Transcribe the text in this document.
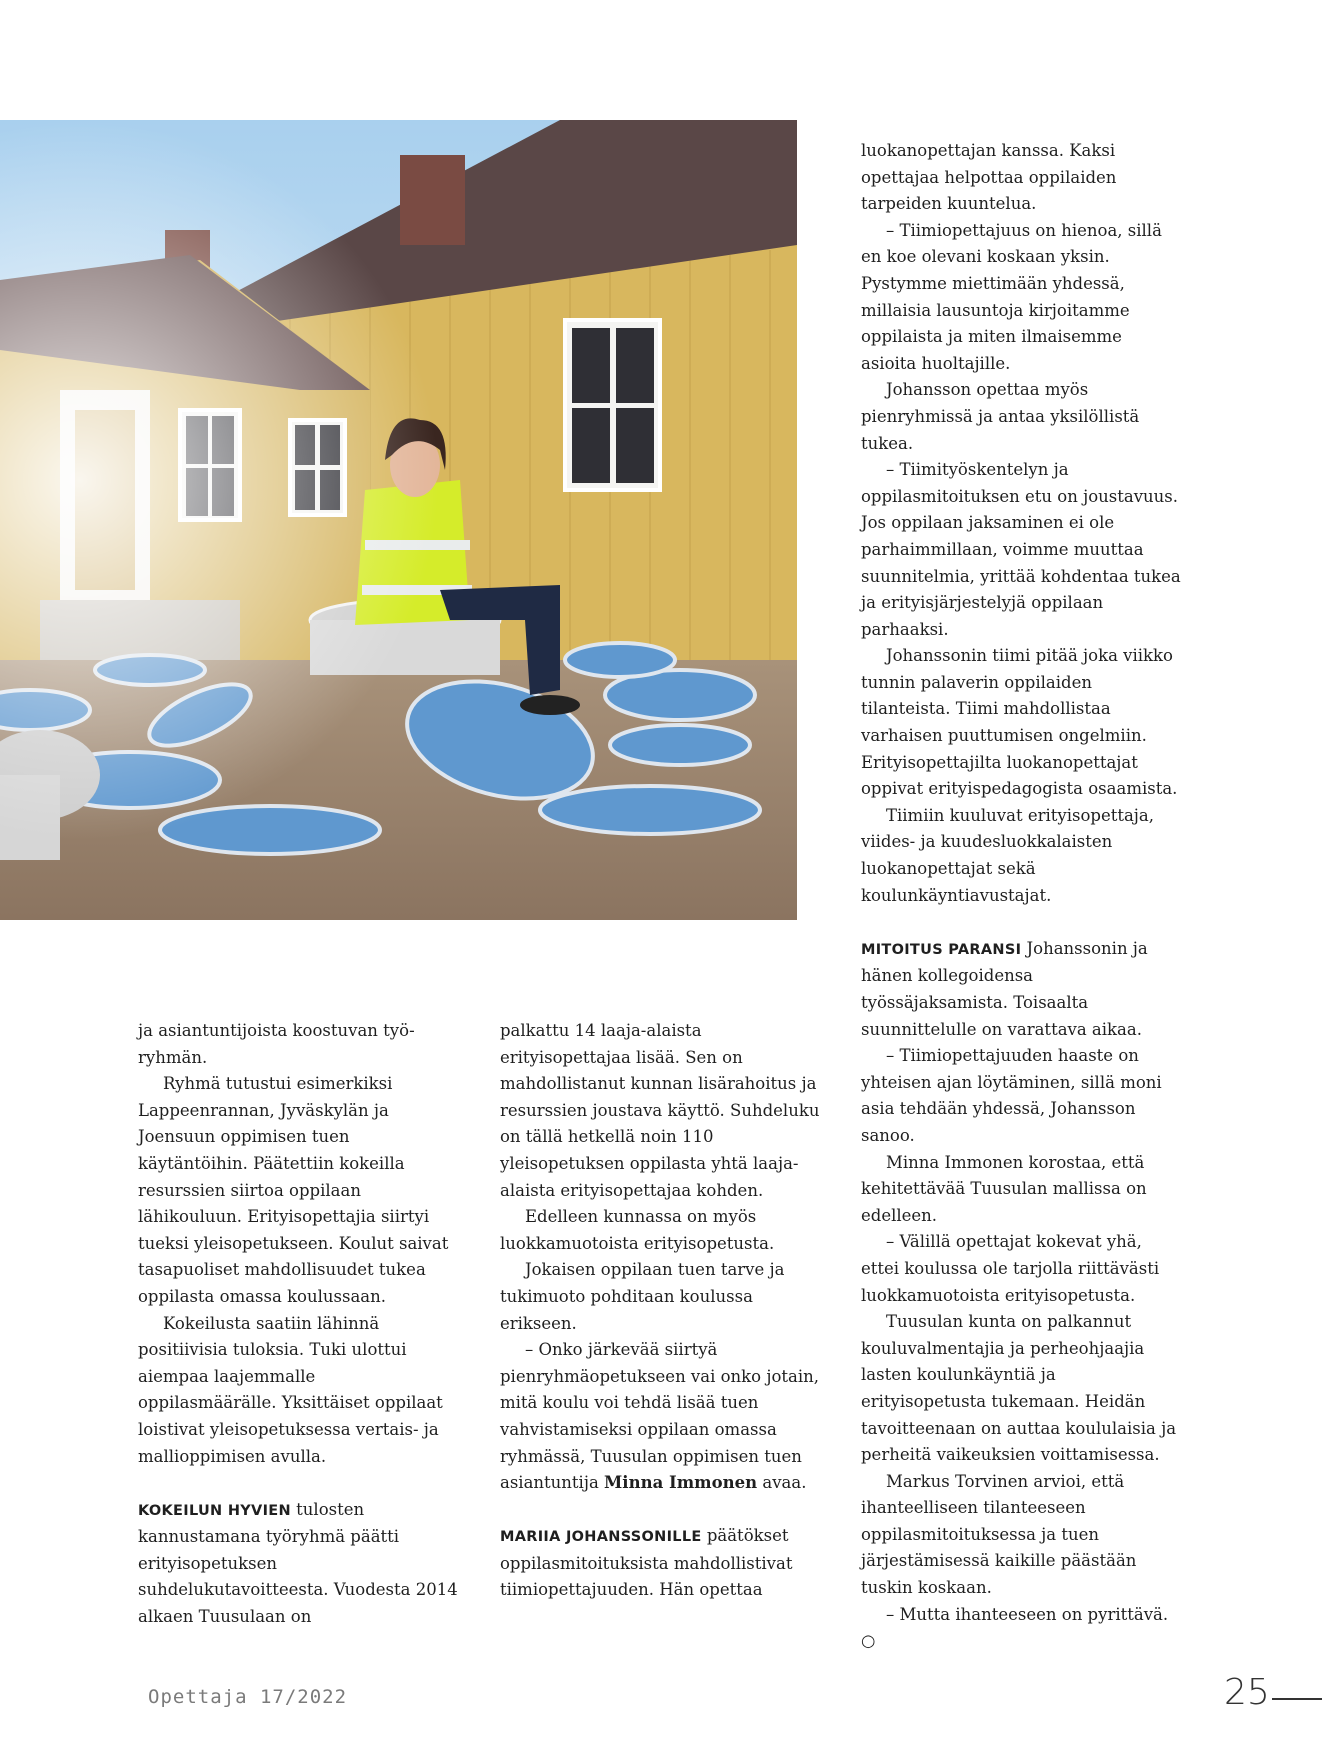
ja asiantuntijoista koostuvan työryhmän.

Ryhmä tutustui esimerkiksi Lappeenrannan, Jyväskylän ja Joensuun oppimisen tuen käytäntöihin. Päätettiin kokeilla resurssien siirtoa oppilaan lähikouluun. Erityisopettajia siirtyi tueksi yleisopetukseen. Koulut saivat tasapuoliset mahdollisuudet tukea oppilasta omassa koulussaan.

Kokeilusta saatiin lähinnä positiivisia tuloksia. Tuki ulottui aiempaa laajemmalle oppilasmäärälle. Yksittäiset oppilaat loistivat yleisopetuksessa vertais- ja mallioppimisen avulla.

KOKEILUN HYVIEN tulosten kannustamana työryhmä päätti erityisopetuksen suhdelukutavoitteesta. Vuodesta 2014 alkaen Tuusulaan on

palkattu 14 laaja-alaista erityisopettajaa lisää. Sen on mahdollistanut kunnan lisärahoitus ja resurssien joustava käyttö. Suhdeluku on tällä hetkellä noin 110 yleisopetuksen oppilasta yhtä laaja-alaista erityisopettajaa kohden.

Edelleen kunnassa on myös luokkamuotoista erityisopetusta.

Jokaisen oppilaan tuen tarve ja tukimuoto pohditaan koulussa erikseen.

– Onko järkevää siirtyä pienryhmäopetukseen vai onko jotain, mitä koulu voi tehdä lisää tuen vahvistamiseksi oppilaan omassa ryhmässä, Tuusulan oppimisen tuen asiantuntija Minna Immonen avaa.

MARIIA JOHANSSONILLE päätökset oppilasmitoituksista mahdollistivat tiimiopettajuuden. Hän opettaa

luokanopettajan kanssa. Kaksi opettajaa helpottaa oppilaiden tarpeiden kuuntelua.

– Tiimiopettajuus on hienoa, sillä en koe olevani koskaan yksin. Pystymme miettimään yhdessä, millaisia lausuntoja kirjoitamme oppilaista ja miten ilmaisemme asioita huoltajille.

Johansson opettaa myös pienryhmissä ja antaa yksilöllistä tukea.

– Tiimityöskentelyn ja oppilasmitoituksen etu on joustavuus. Jos oppilaan jaksaminen ei ole parhaimmillaan, voimme muuttaa suunnitelmia, yrittää kohdentaa tukea ja erityisjärjestelyjä oppilaan parhaaksi.

Johanssonin tiimi pitää joka viikko tunnin palaverin oppilaiden tilanteista. Tiimi mahdollistaa varhaisen puuttumisen ongelmiin. Erityisopettajilta luokanopettajat oppivat erityispedagogista osaamista.

Tiimiin kuuluvat erityisopettaja, viides- ja kuudesluokkalaisten luokanopettajat sekä koulunkäyntiavustajat.

MITOITUS PARANSI Johanssonin ja hänen kollegoidensa työssäjaksamista. Toisaalta suunnittelulle on varattava aikaa.

– Tiimiopettajuuden haaste on yhteisen ajan löytäminen, sillä moni asia tehdään yhdessä, Johansson sanoo.

Minna Immonen korostaa, että kehitettävää Tuusulan mallissa on edelleen.

– Välillä opettajat kokevat yhä, ettei koulussa ole tarjolla riittävästi luokkamuotoista erityisopetusta.

Tuusulan kunta on palkannut kouluvalmentajia ja perheohjaajia lasten koulunkäyntiä ja erityisopetusta tukemaan. Heidän tavoitteenaan on auttaa koululaisia ja perheitä vaikeuksien voittamisessa.

Markus Torvinen arvioi, että ihanteelliseen tilanteeseen oppilasmitoituksessa ja tuen järjestämisessä kaikille päästään tuskin koskaan.

– Mutta ihanteeseen on pyrittävä. ○

Opettaja 17/2022	25
